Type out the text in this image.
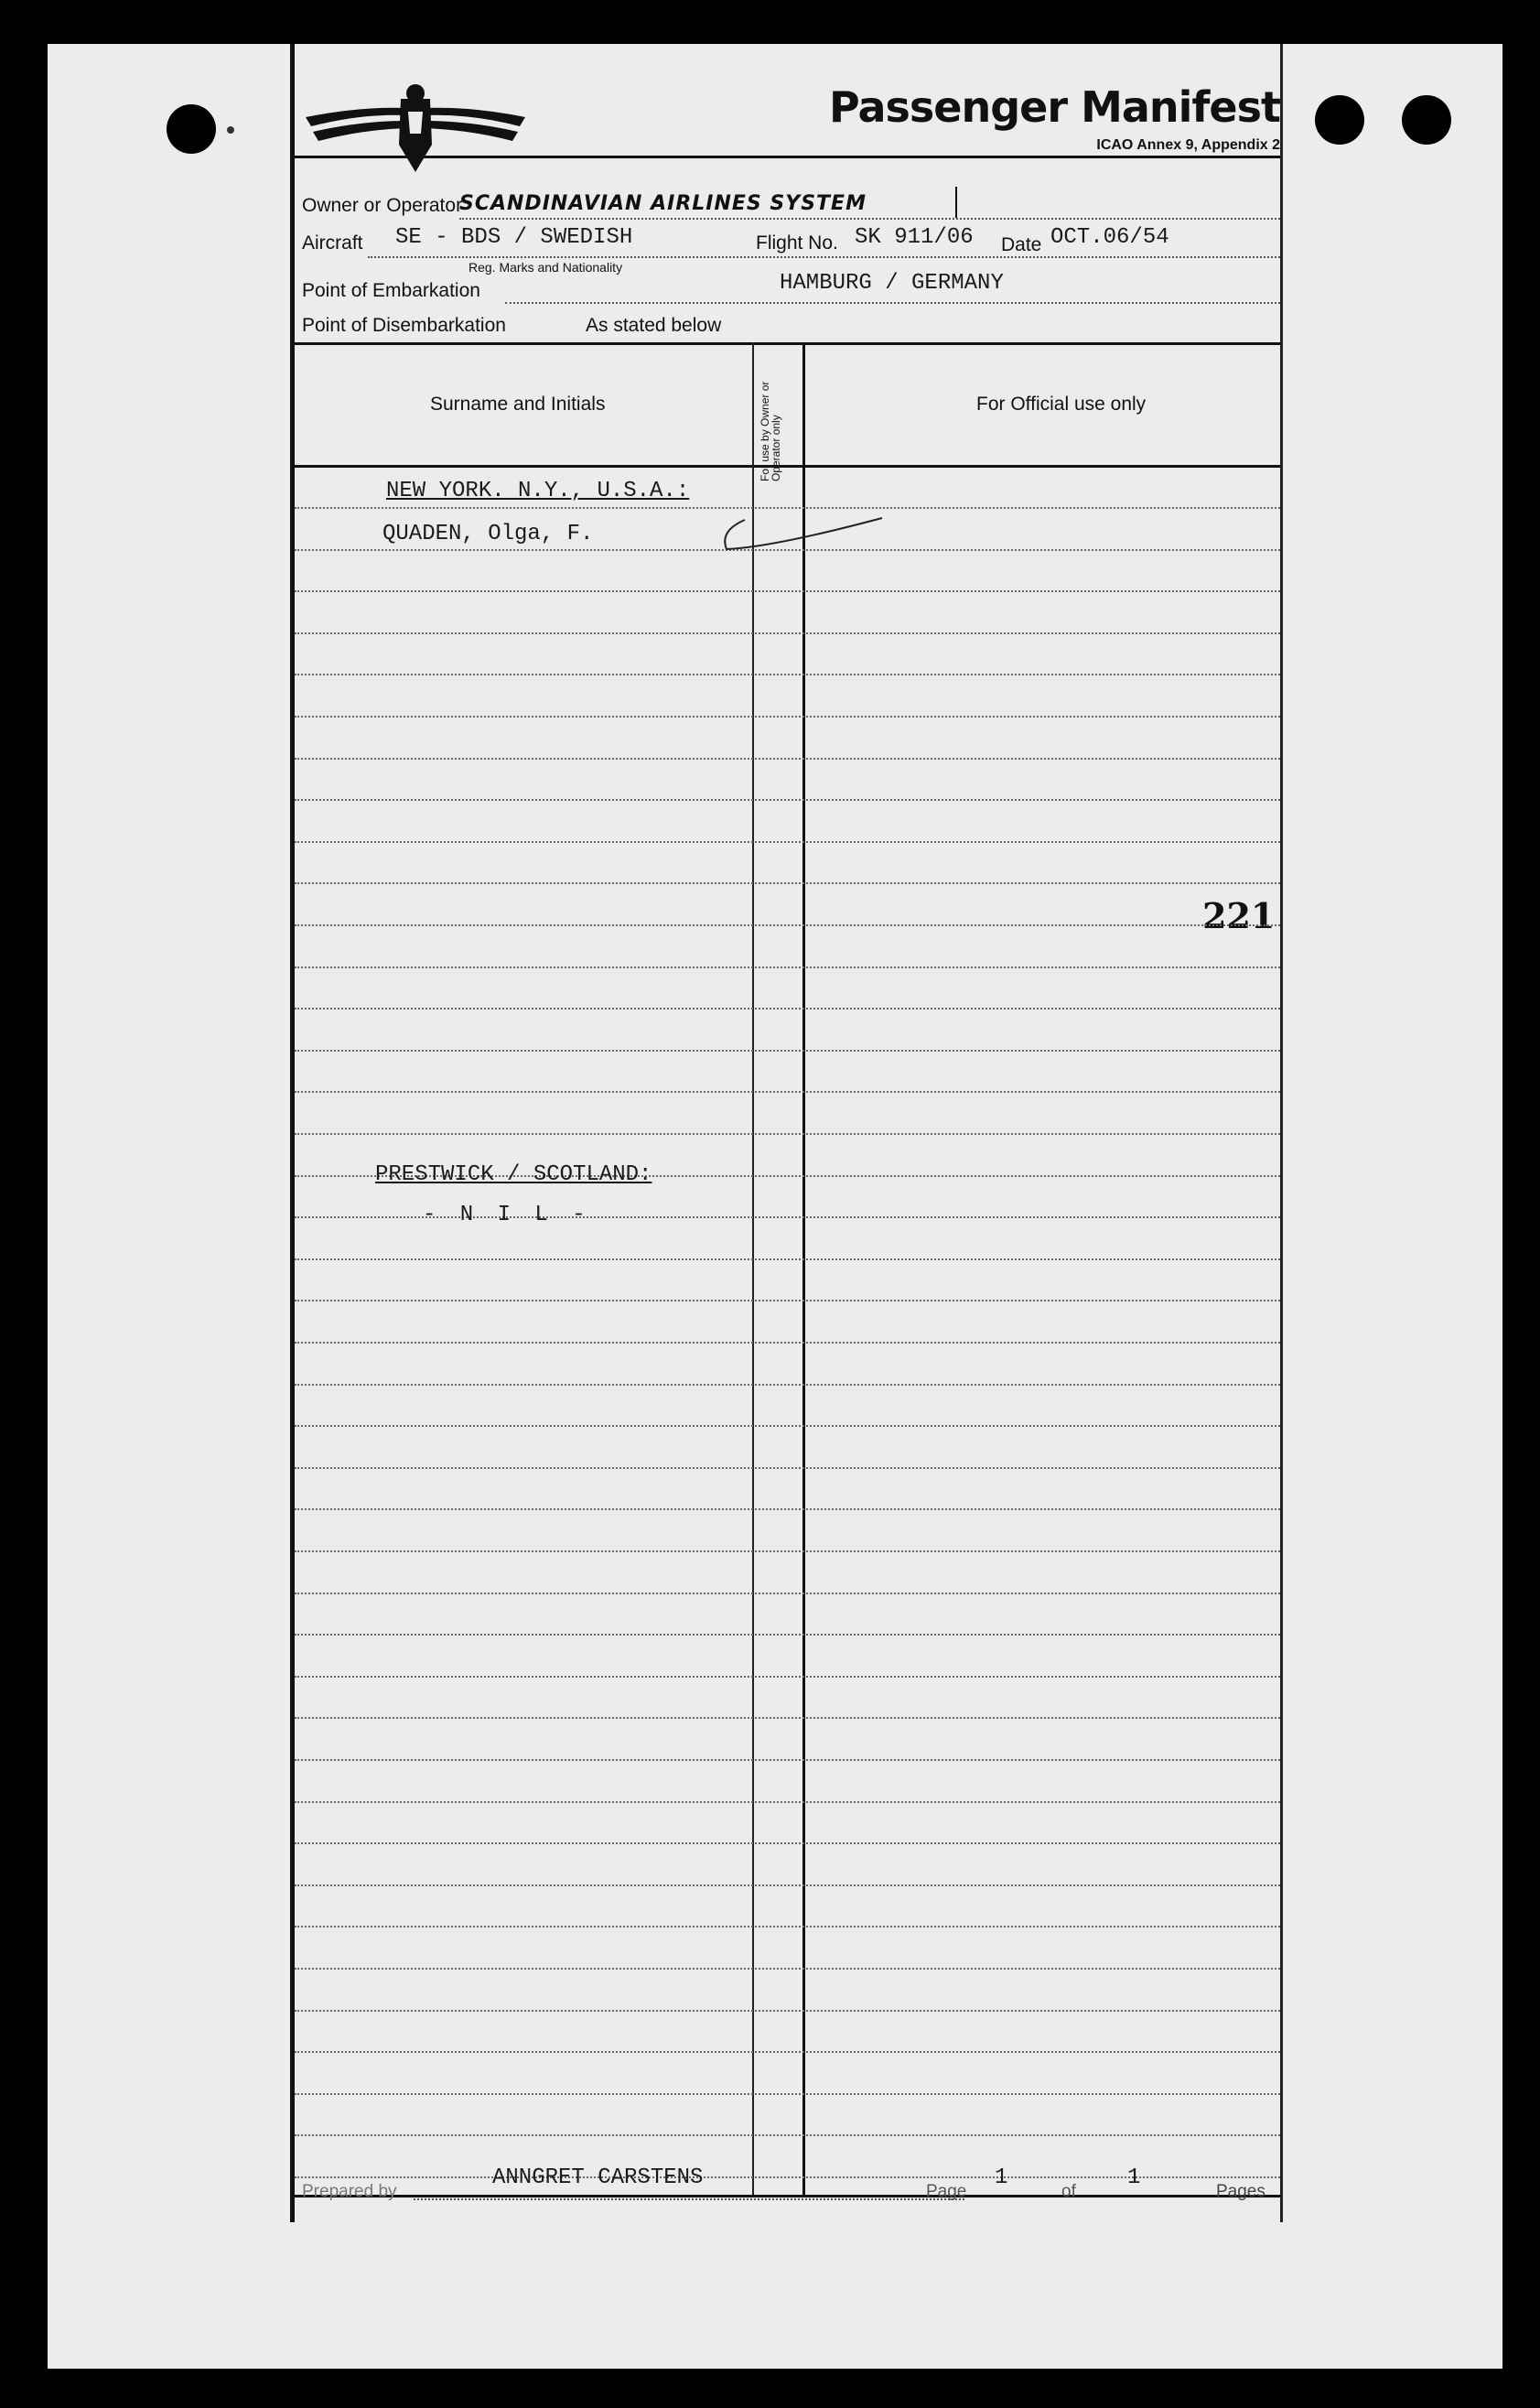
221
Passenger Manifest
ICAO Annex 9, Appendix 2
Owner or Operator
SCANDINAVIAN AIRLINES SYSTEM
Aircraft SE - BDS / SWEDISH	Flight No. SK 911/06 Date OCT.06/54
Reg. Marks and Nationality
Point of Embarkation	HAMBURG / GERMANY
Point of Disembarkation	As stated below
Surname and Initials	For use by Owner or Operator only
For Official use only
NEW YORK. N.Y., U.S.A.:
QUADEN, Olga, F.
PRESTWICK / SCOTLAND:
- N I L -
Prepared by
ANNGRET CARSTENS
Page
1
of
1
Pages
